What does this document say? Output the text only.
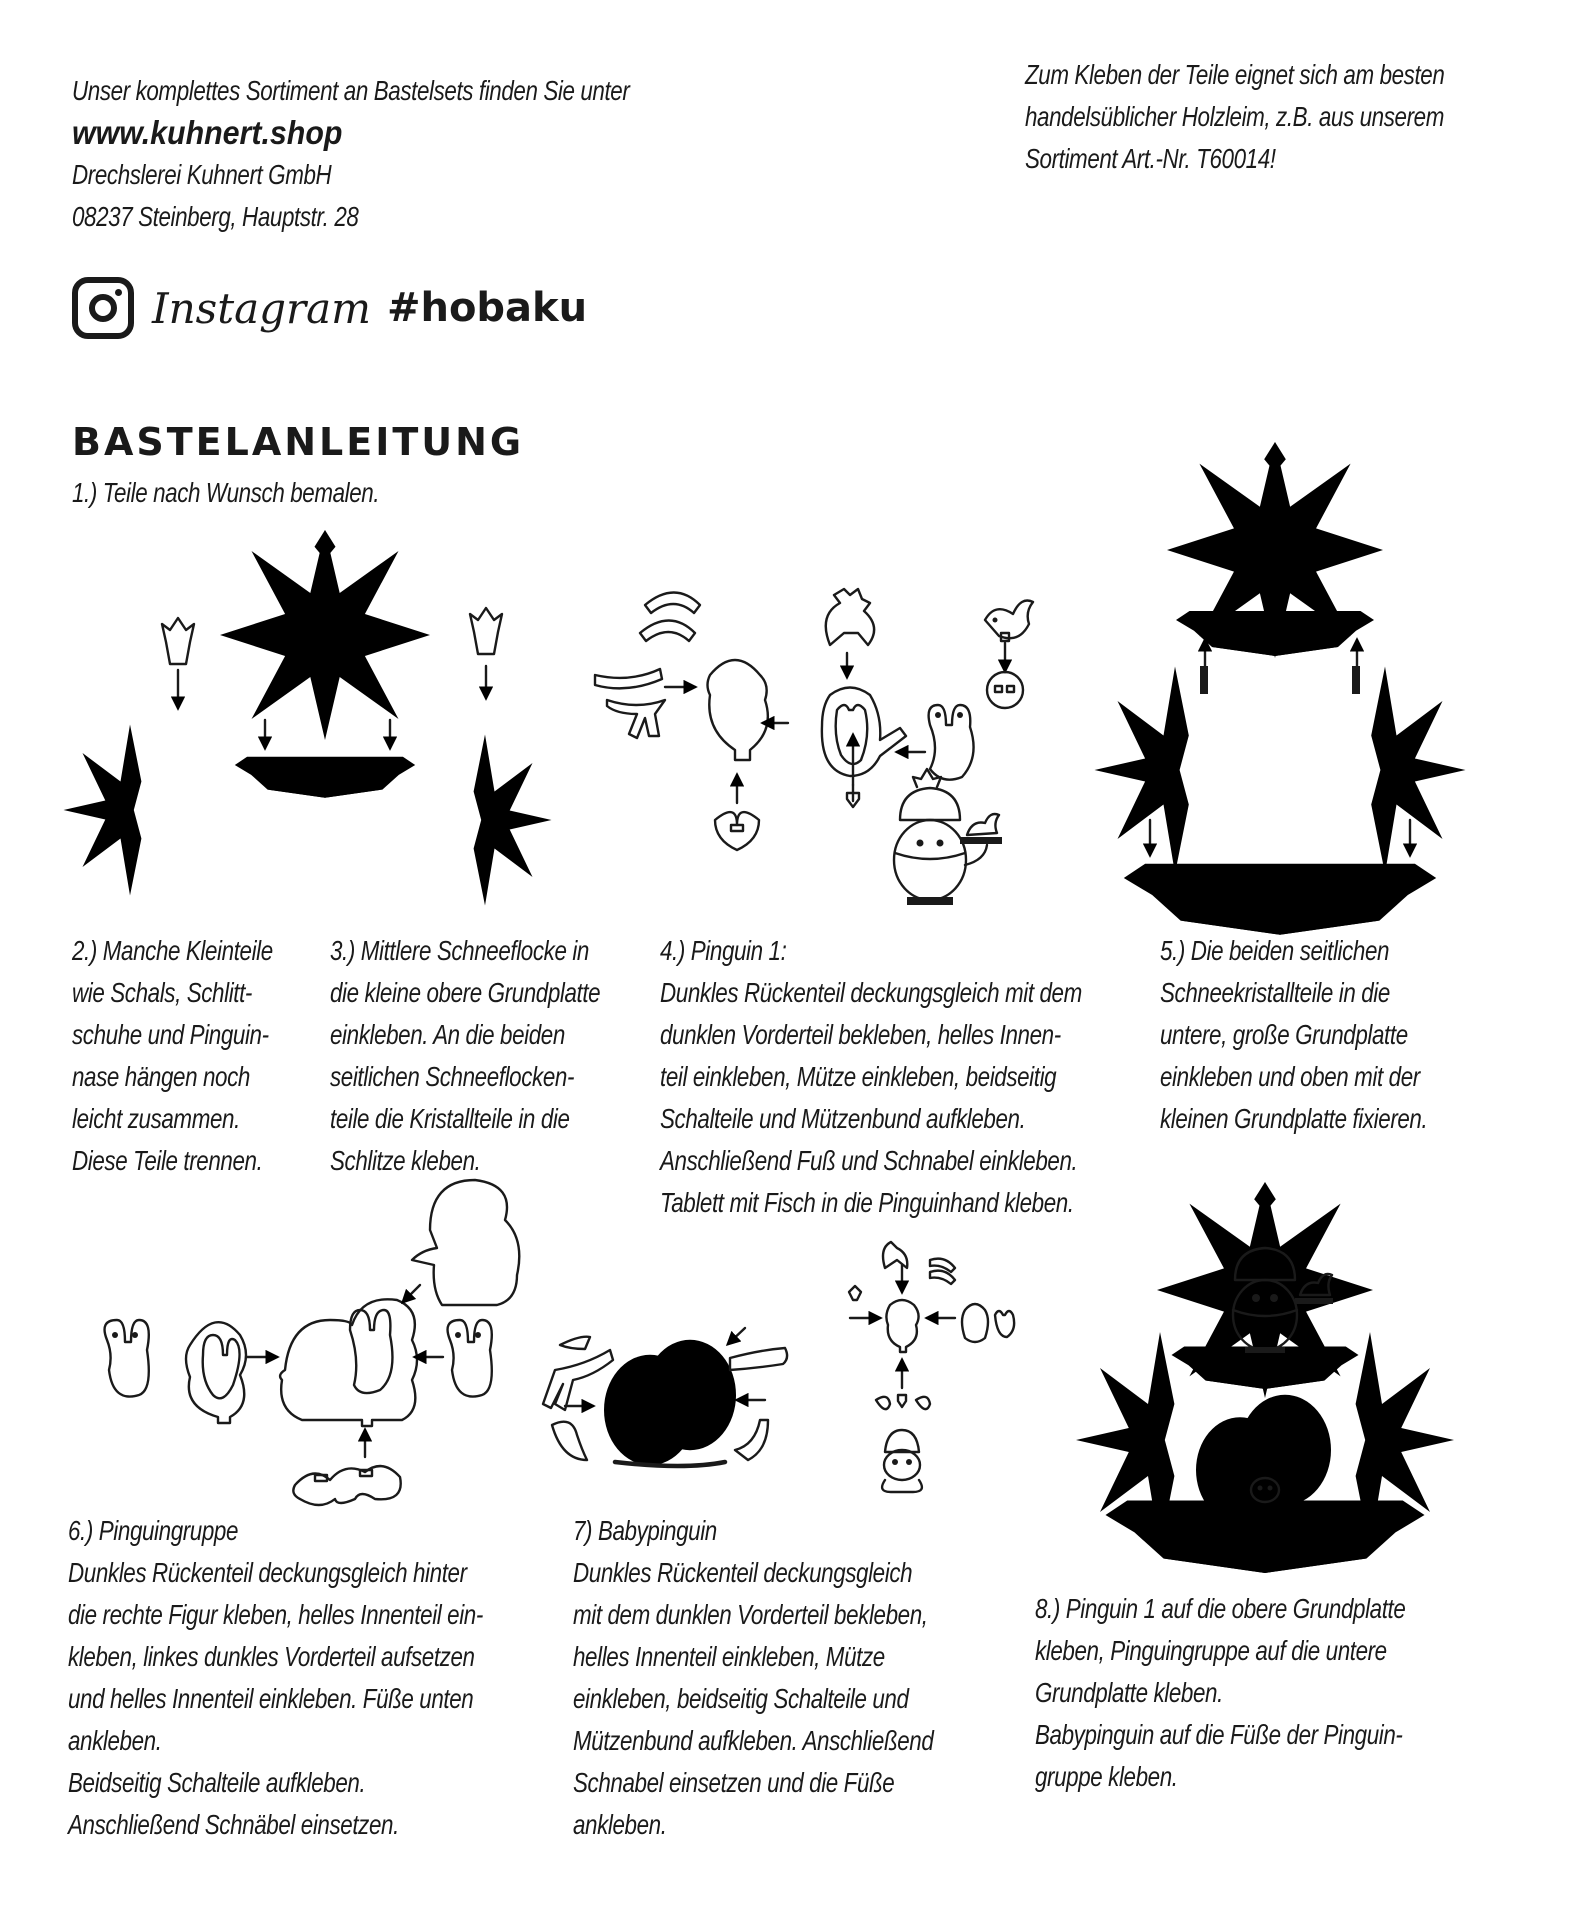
Unser komplettes Sortiment an Bastelsets finden Sie unter
www.kuhnert.shop
Drechslerei Kuhnert GmbH
08237 Steinberg, Hauptstr. 28
Zum Kleben der Teile eignet sich am besten
handelsüblicher Holzleim, z.B. aus unserem
Sortiment Art.-Nr. T60014!
Instagram #hobaku
BASTELANLEITUNG
1.) Teile nach Wunsch bemalen.
2.) Manche Kleinteile
wie Schals, Schlitt-
schuhe und Pinguin-
nase hängen noch
leicht zusammen.
Diese Teile trennen.
3.) Mittlere Schneeflocke in
die kleine obere Grundplatte
einkleben. An die beiden
seitlichen Schneeflocken-
teile die Kristallteile in die
Schlitze kleben.
4.) Pinguin 1:
Dunkles Rückenteil deckungsgleich mit dem
dunklen Vorderteil bekleben, helles Innen-
teil einkleben, Mütze einkleben, beidseitig
Schalteile und Mützenbund aufkleben.
Anschließend Fuß und Schnabel einkleben.
Tablett mit Fisch in die Pinguinhand kleben.
5.) Die beiden seitlichen
Schneekristallteile in die
untere, große Grundplatte
einkleben und oben mit der
kleinen Grundplatte fixieren.
6.) Pinguingruppe
Dunkles Rückenteil deckungsgleich hinter
die rechte Figur kleben, helles Innenteil ein-
kleben, linkes dunkles Vorderteil aufsetzen
und helles Innenteil einkleben. Füße unten
ankleben.
Beidseitig Schalteile aufkleben.
Anschließend Schnäbel einsetzen.
7) Babypinguin
Dunkles Rückenteil deckungsgleich
mit dem dunklen Vorderteil bekleben,
helles Innenteil einkleben, Mütze
einkleben, beidseitig Schalteile und
Mützenbund aufkleben. Anschließend
Schnabel einsetzen und die Füße
ankleben.
8.) Pinguin 1 auf die obere Grundplatte
kleben, Pinguingruppe auf die untere
Grundplatte kleben.
Babypinguin auf die Füße der Pinguin-
gruppe kleben.
